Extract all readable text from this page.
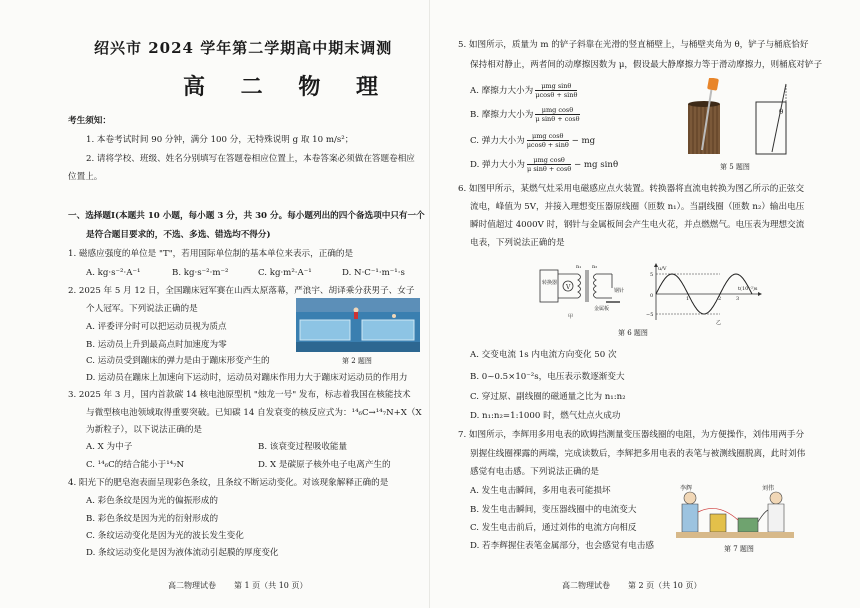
绍兴市 2024 学年第二学期高中期末调测
高 二 物 理
考生须知：
1. 本卷考试时间 90 分钟，满分 100 分，无特殊说明 g 取 10 m/s²；
2. 请将学校、班级、姓名分别填写在答题卷相应位置上，本卷答案必须做在答题卷相应
位置上。
一、选择题Ⅰ(本题共 10 小题，每小题 3 分，共 30 分。每小题列出的四个备选项中只有一个
是符合题目要求的，不选、多选、错选均不得分)
1. 磁感应强度的单位是 "T"，若用国际单位制的基本单位来表示，正确的是
A. kg·s⁻²·A⁻¹	B. kg·s⁻²·m⁻²	C. kg·m²·A⁻¹	D. N·C⁻¹·m⁻¹·s
2. 2025 年 5 月 12 日，全国蹦床冠军赛在山西太原落幕，严浪宇、胡译乘分获男子、女子
个人冠军。下列说法正确的是
A. 评委评分时可以把运动员视为质点
B. 运动员上升到最高点时加速度为零
C. 运动员受到蹦床的弹力是由于蹦床形变产生的
D. 运动员在蹦床上加速向下运动时，运动员对蹦床作用力大于蹦床对运动员的作用力
第 2 题图
3. 2025 年 3 月，国内首款碳 14 核电池原型机 "烛龙一号" 发布，标志着我国在核能技术
与微型核电池领域取得重要突破。已知碳 14 自发衰变的核反应式为：¹⁴₆C→¹⁴₇N+X（X
为新粒子），以下说法正确的是
A. X 为中子	B. 该衰变过程吸收能量
C. ¹⁴₆C的结合能小于¹⁴₇N	D. X 是碳原子核外电子电离产生的
4. 阳光下的肥皂泡表面呈现彩色条纹，且条纹不断运动变化。对该现象解释正确的是
A. 彩色条纹是因为光的偏振形成的
B. 彩色条纹是因为光的衍射形成的
C. 条纹运动变化是因为光的波长发生变化
D. 条纹运动变化是因为液体流动引起膜的厚度变化
高二物理试卷 第 1 页（共 10 页）
5. 如图所示，质量为 m 的铲子斜靠在光滑的竖直桶壁上，与桶壁夹角为 θ，铲子与桶底恰好
保持相对静止，两者间的动摩擦因数为 μ，假设最大静摩擦力等于滑动摩擦力，则桶底对铲子
A. 摩擦力大小为 $\frac{\text{μmg sinθ}}{\mu\cos\theta + \sin\theta}$
B. 摩擦力大小为 $\frac{\text{μmg cosθ}}{\text{μ sinθ + cosθ}}$
C. 弹力大小为 $\frac{\text{μmg cosθ}}{\mu\cos\theta + \sin\theta}$ − mg
D. 弹力大小为 $\frac{\text{μmg cosθ}}{\text{μ sinθ + cosθ}}$ − mg sinθ
θ
第 5 题图
6. 如图甲所示，某燃气灶采用电磁感应点火装置。转换器将直流电转换为图乙所示的正弦交
流电，峰值为 5V，并接入理想变压器原线圈（匝数 n₁）。当副线圈（匝数 n₂）输出电压
瞬时值超过 4000V 时，钢针与金属板间会产生电火花，并点燃燃气。电压表为理想交流
电表，下列说法正确的是
转换器
V
n₁ n₂
钢针
金属板
甲
u/V
5
0
−5
1	2	3
t(10⁻²)s
乙
第 6 题图
A. 交变电流 1s 内电流方向变化 50 次
B. 0~0.5×10⁻²s，电压表示数逐渐变大
C. 穿过原、副线圈的磁通量之比为 n₁:n₂
D. n₁:n₂=1:1000 时，燃气灶点火成功
7. 如图所示，李辉用多用电表的欧姆挡测量变压器线圈的电阻，为方便操作，刘伟用两手分
别握住线圈裸露的两端，完成读数后，李辉把多用电表的表笔与被测线圈脱离，此时刘伟
感觉有电击感。下列说法正确的是
A. 发生电击瞬间，多用电表可能损坏
B. 发生电击瞬间，变压器线圈中的电流变大
C. 发生电击前后，通过刘伟的电流方向相反
D. 若李辉握住表笔金属部分，也会感觉有电击感
李辉	刘伟
第 7 题图
高二物理试卷 第 2 页（共 10 页）
